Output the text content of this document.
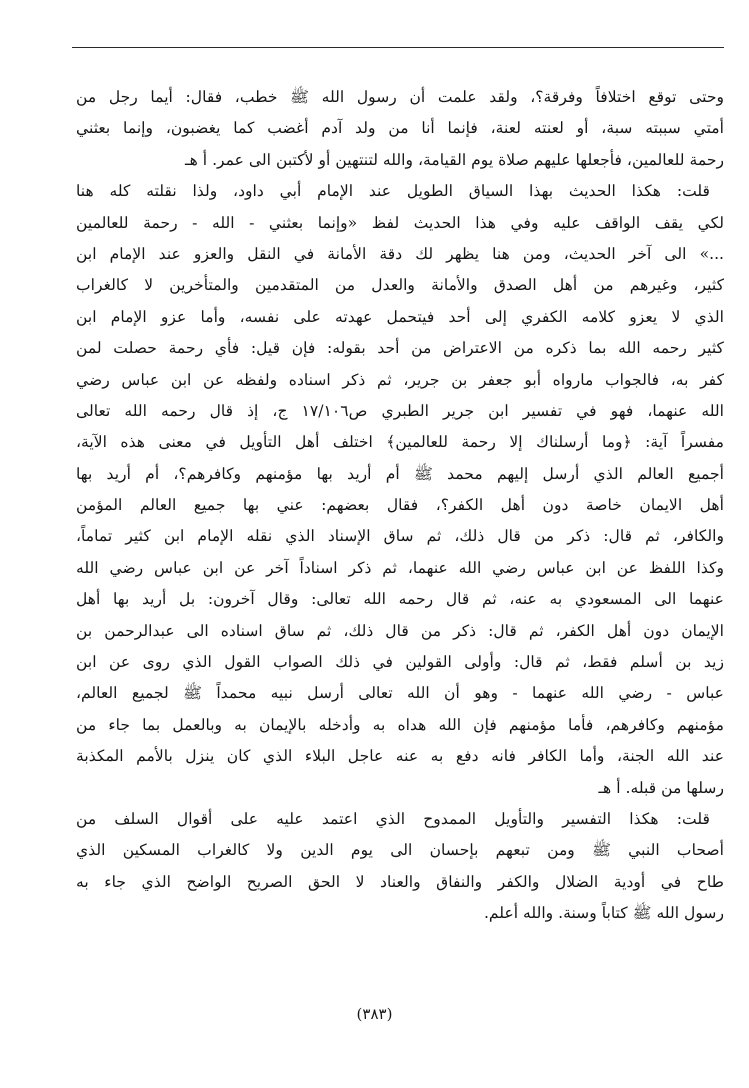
وحتى توقع اختلافاً وفرقة؟، ولقد علمت أن رسول الله ﷺ خطب، فقال: أيما رجل من
أمتي سببته سبة، أو لعنته لعنة، فإنما أنا من ولد آدم أغضب كما يغضبون، وإنما بعثني
رحمة للعالمين، فأجعلها عليهم صلاة يوم القيامة، والله لتنتهين أو لأكتبن الى عمر. أ هـ
قلت: هكذا الحديث بهذا السياق الطويل عند الإمام أبي داود، ولذا نقلته كله هنا
لكي يقف الواقف عليه وفي هذا الحديث لفظ «وإنما بعثني - الله - رحمة للعالمين
...» الى آخر الحديث، ومن هنا يظهر لك دقة الأمانة في النقل والعزو عند الإمام ابن
كثير، وغيرهم من أهل الصدق والأمانة والعدل من المتقدمين والمتأخرين لا كالغراب
الذي لا يعزو كلامه الكفري إلى أحد فيتحمل عهدته على نفسه، وأما عزو الإمام ابن
كثير رحمه الله بما ذكره من الاعتراض من أحد بقوله: فإن قيل: فأي رحمة حصلت لمن
كفر به، فالجواب مارواه أبو جعفر بن جرير، ثم ذكر اسناده ولفظه عن ابن عباس رضي
الله عنهما، فهو في تفسير ابن جرير الطبري ص١٧/١٠٦ ج، إذ قال رحمه الله تعالى
مفسراً آية: ﴿وما أرسلناك إلا رحمة للعالمين﴾ اختلف أهل التأويل في معنى هذه الآية،
أجميع العالم الذي أرسل إليهم محمد ﷺ أم أريد بها مؤمنهم وكافرهم؟، أم أريد بها
أهل الايمان خاصة دون أهل الكفر؟، فقال بعضهم: عني بها جميع العالم المؤمن
والكافر، ثم قال: ذكر من قال ذلك، ثم ساق الإسناد الذي نقله الإمام ابن كثير تماماً،
وكذا اللفظ عن ابن عباس رضي الله عنهما، ثم ذكر اسناداً آخر عن ابن عباس رضي الله
عنهما الى المسعودي به عنه، ثم قال رحمه الله تعالى: وقال آخرون: بل أريد بها أهل
الإيمان دون أهل الكفر، ثم قال: ذكر من قال ذلك، ثم ساق اسناده الى عبدالرحمن بن
زيد بن أسلم فقط، ثم قال: وأولى القولين في ذلك الصواب القول الذي روى عن ابن
عباس - رضي الله عنهما - وهو أن الله تعالى أرسل نبيه محمداً ﷺ لجميع العالم،
مؤمنهم وكافرهم، فأما مؤمنهم فإن الله هداه به وأدخله بالإيمان به وبالعمل بما جاء من
عند الله الجنة، وأما الكافر فانه دفع به عنه عاجل البلاء الذي كان ينزل بالأمم المكذبة
رسلها من قبله. أ هـ
قلت: هكذا التفسير والتأويل الممدوح الذي اعتمد عليه على أقوال السلف من
أصحاب النبي ﷺ ومن تبعهم بإحسان الى يوم الدين ولا كالغراب المسكين الذي
طاح في أودية الضلال والكفر والنفاق والعناد لا الحق الصريح الواضح الذي جاء به
رسول الله ﷺ كتاباً وسنة. والله أعلم.
(٣٨٣)
